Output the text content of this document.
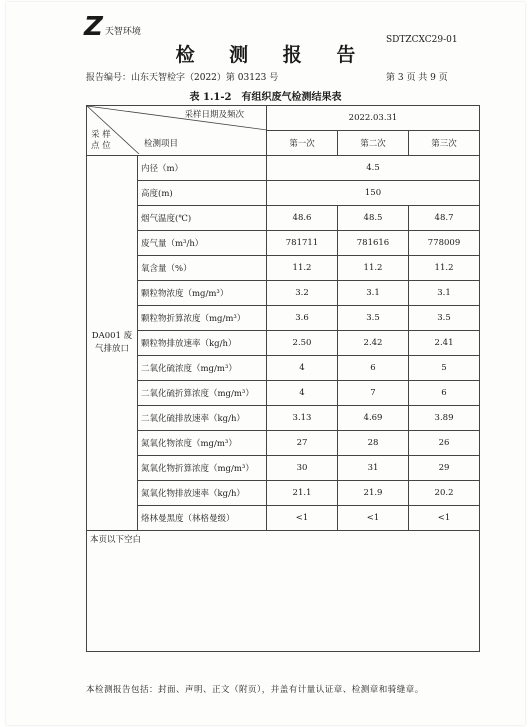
Z 天智环境
SDTZCXC29-01
检 测 报 告
报告编号：山东天智检字（2022）第 03123 号	第 3 页 共 9 页
表 1.1-2　有组织废气检测结果表
采样日期及频次
采 样 点 位 检测项目		2022.03.31		
		第一次	第二次	第三次
DA001 废气排放口	内径（m）	4.5		
	高度(m)	150		
	烟气温度(℃)	48.6	48.5	48.7
	废气量（m³/h）	781711	781616	778009
	氧含量（%）	11.2	11.2	11.2
	颗粒物浓度（mg/m³）	3.2	3.1	3.1
	颗粒物折算浓度（mg/m³）	3.6	3.5	3.5
	颗粒物排放速率（kg/h）	2.50	2.42	2.41
	二氧化硫浓度（mg/m³）	4	6	5
	二氧化硫折算浓度（mg/m³）	4	7	6
	二氧化硫排放速率（kg/h）	3.13	4.69	3.89
	氮氧化物浓度（mg/m³）	27	28	26
	氮氧化物折算浓度（mg/m³）	30	31	29
	氮氧化物排放速率（kg/h）	21.1	21.9	20.2
	烙林曼黑度（林格曼级）	<1	<1	<1
本页以下空白				
本检测报告包括：封面、声明、正文（附页），并盖有计量认证章、检测章和骑缝章。
